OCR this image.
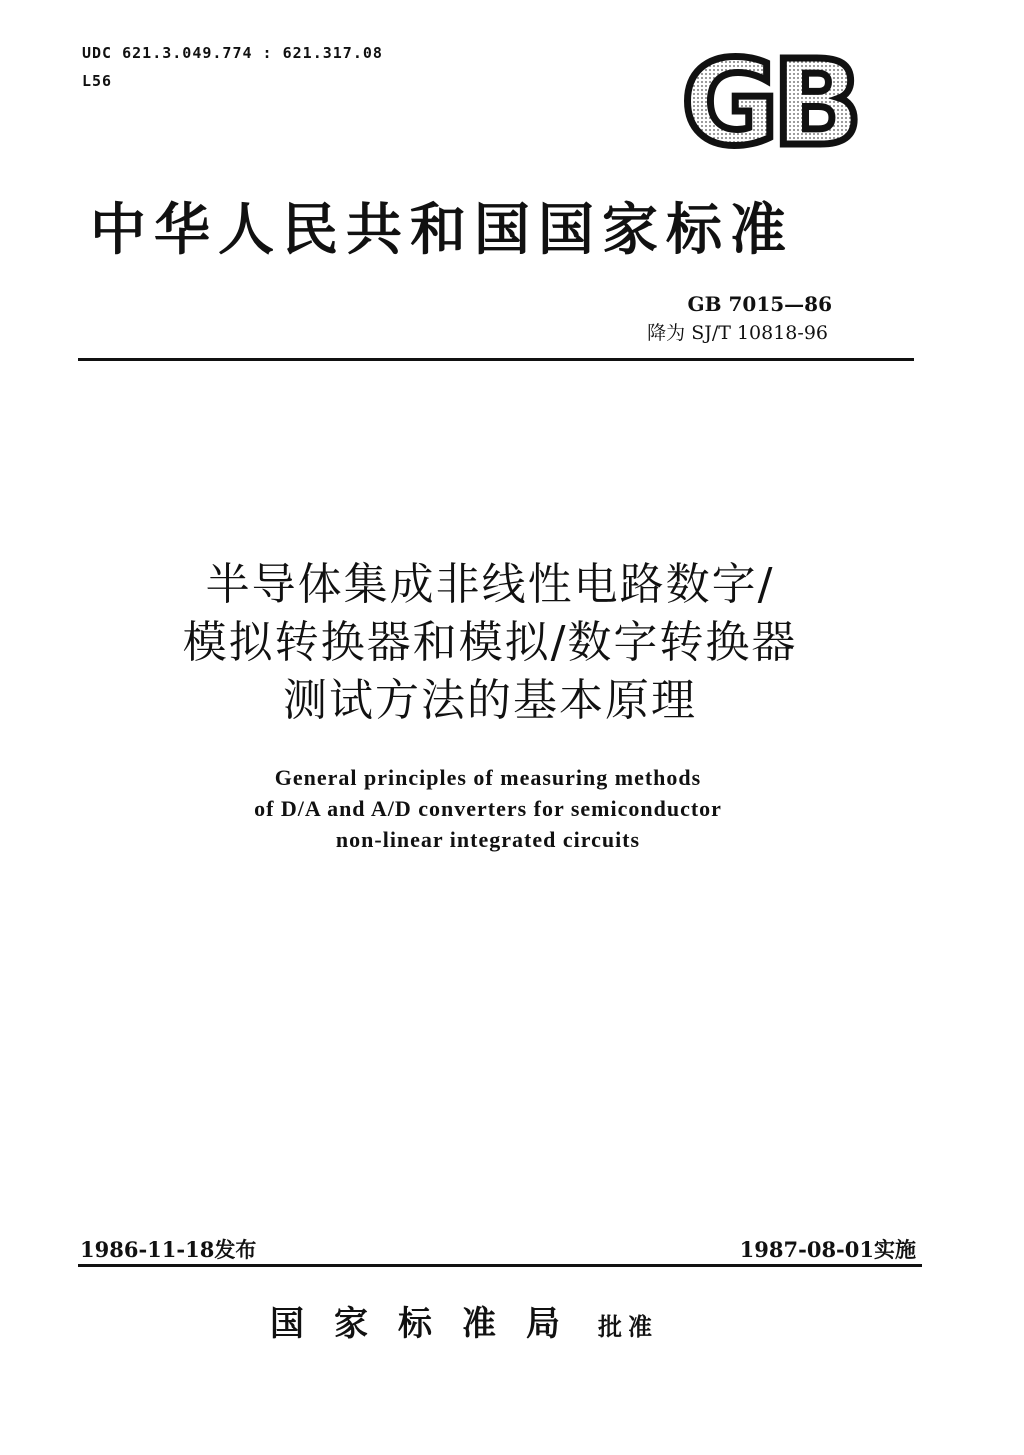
UDC 621.3.049.774 : 621.317.08
L56	GB
中华人民共和国国家标准
GB 7015—86
降为 SJ/T 10818-96
半导体集成非线性电路数字/
模拟转换器和模拟/数字转换器
测试方法的基本原理
General principles of measuring methods
of D/A and A/D converters for semiconductor
non-linear integrated circuits
1986-11-18发布	1987-08-01实施
国家标准局 批准
